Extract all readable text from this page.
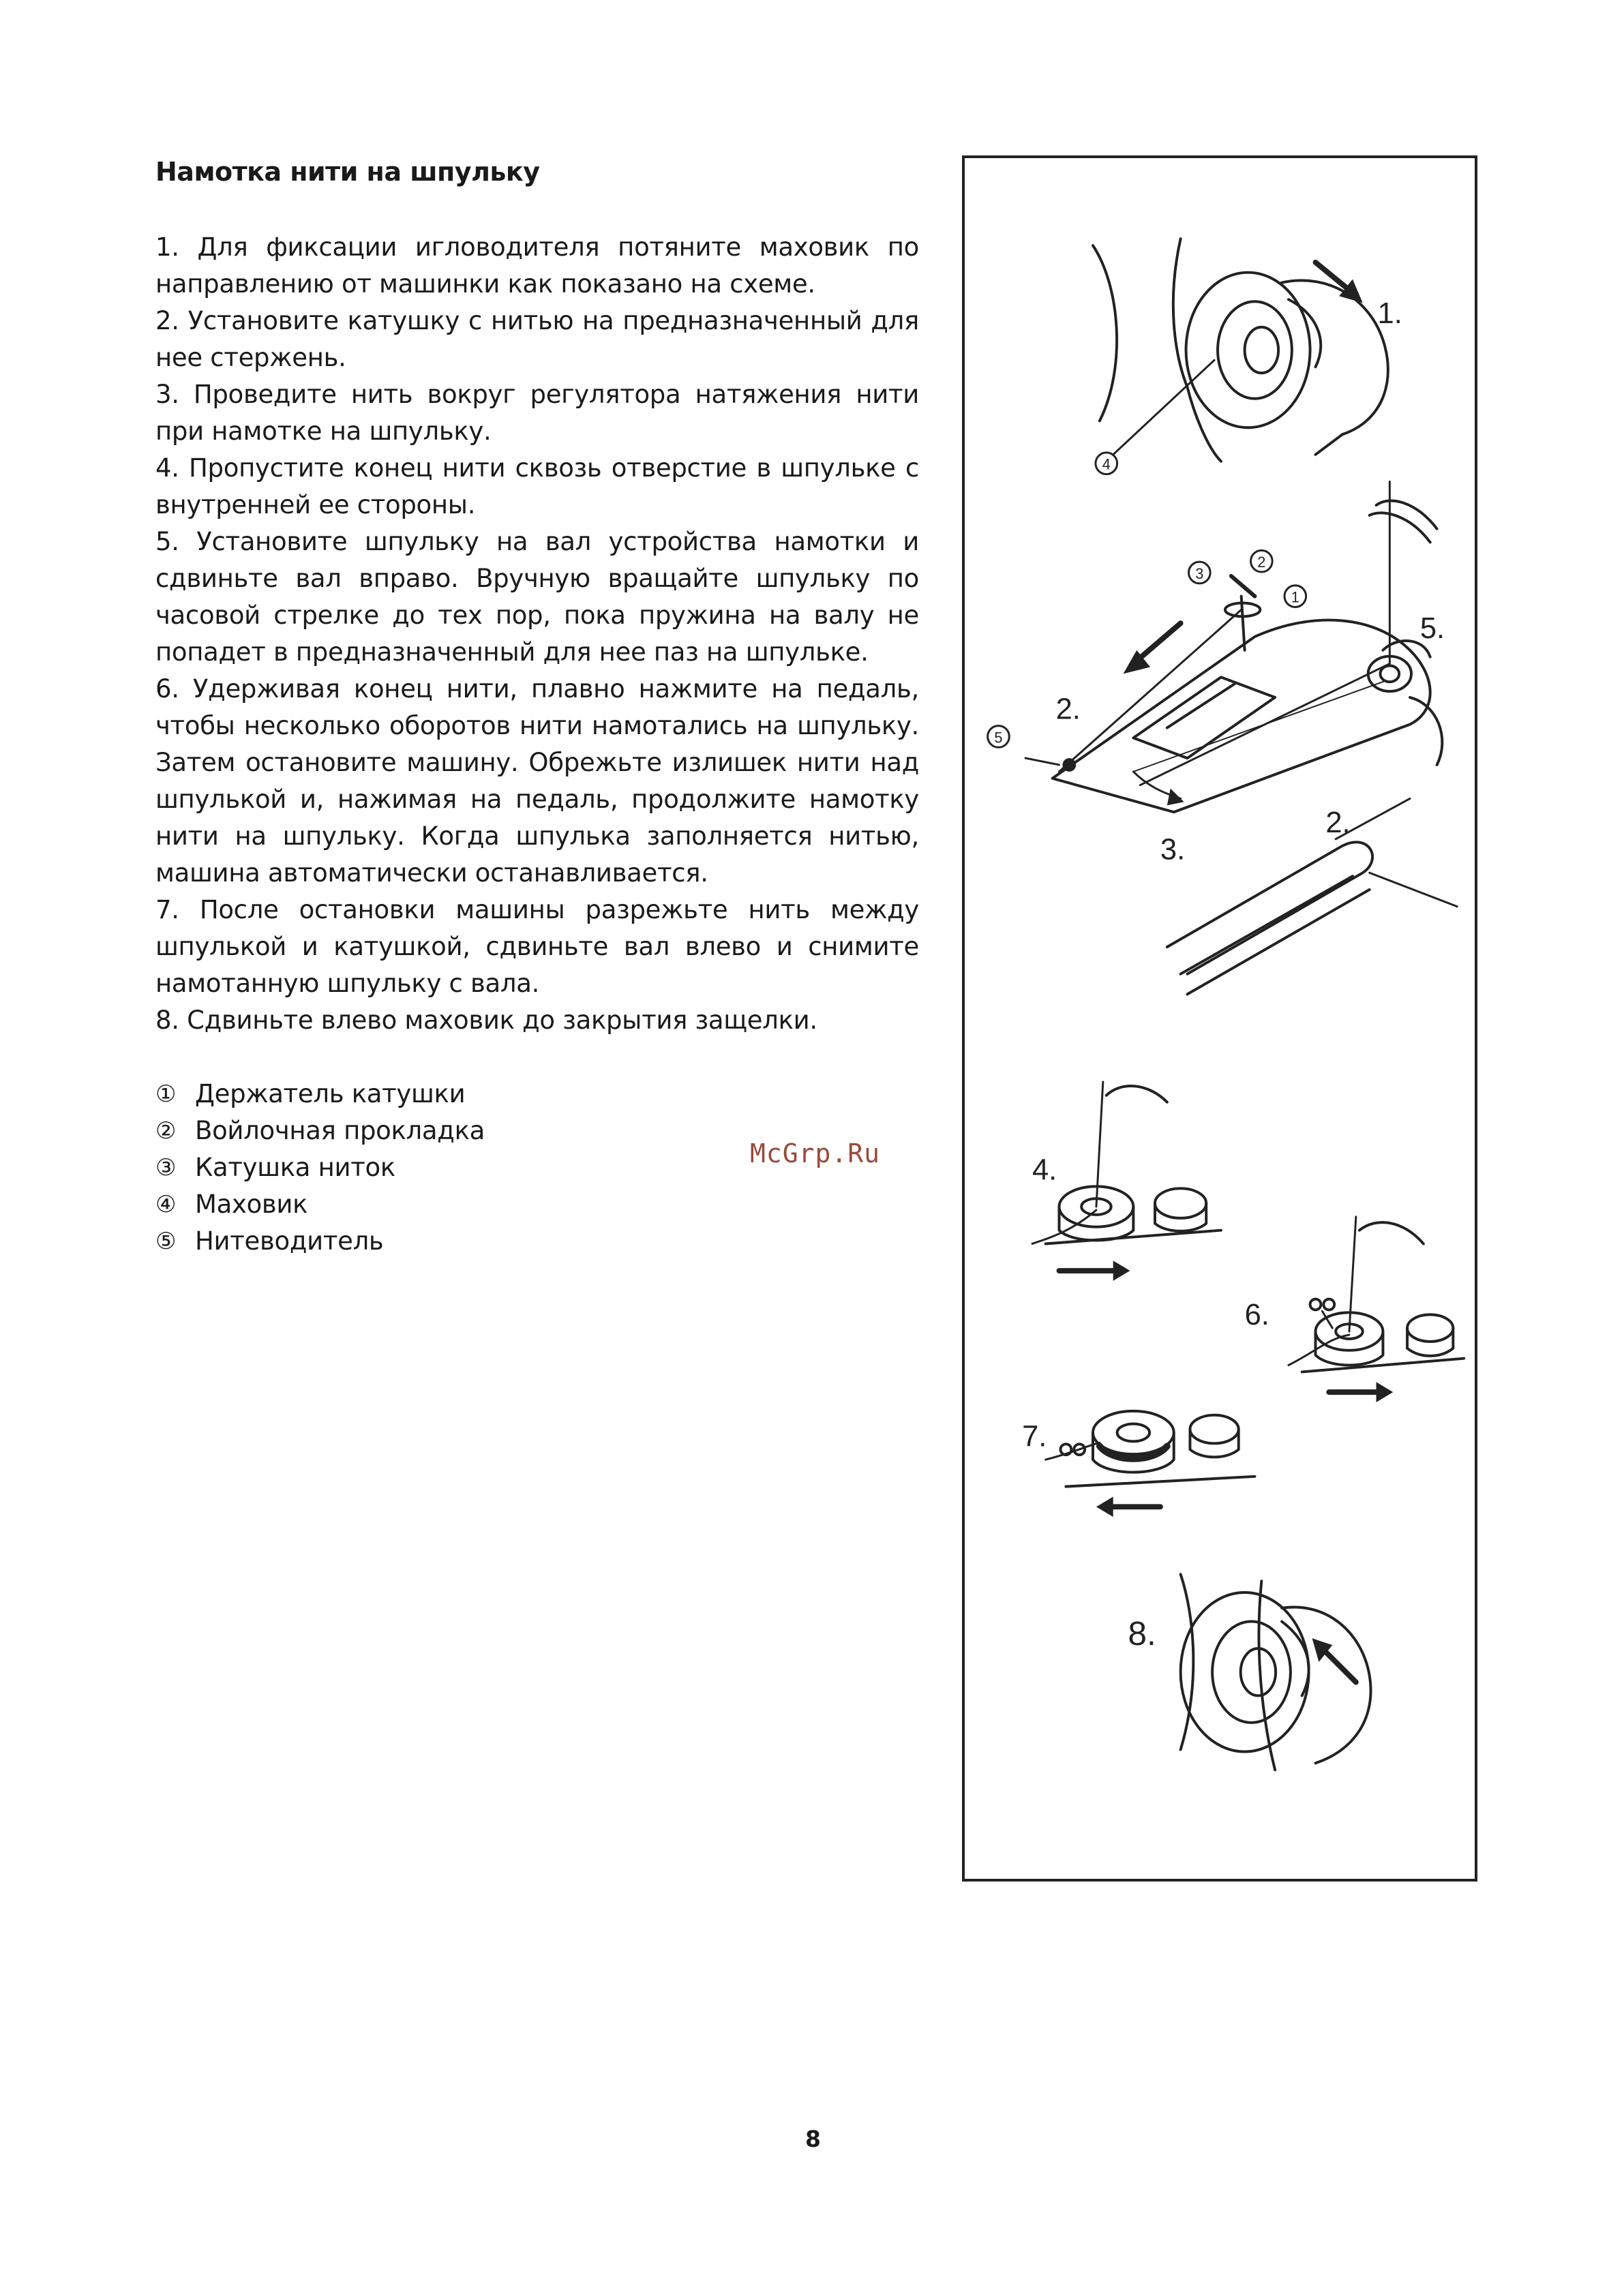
Намотка нити на шпульку
1. Для фиксации игловодителя потяните маховик по направлению от машинки как показано на схеме.
2. Установите катушку с нитью на предназначенный для нее стержень.
3. Проведите нить вокруг регулятора натяжения нити при намотке на шпульку.
4. Пропустите конец нити сквозь отверстие в шпульке с внутренней ее стороны.
5. Установите шпульку на вал устройства намотки и сдвиньте вал вправо. Вручную вращайте шпульку по часовой стрелке до тех пор, пока пружина на валу не попадет в предназначенный для нее паз на шпульке.
6. Удерживая конец нити, плавно нажмите на педаль, чтобы несколько оборотов нити намотались на шпульку. Затем остановите машину. Обрежьте излишек нити над шпулькой и, нажимая на педаль, продолжите намотку нити на шпульку. Когда шпулька заполняется нитью, машина автоматически останавливается.
7. После остановки машины разрежьте нить между шпулькой и катушкой, сдвиньте вал влево и снимите намотанную шпульку с вала.
8. Сдвиньте влево маховик до закрытия защелки.
① Держатель катушки
② Войлочная прокладка
③ Катушка ниток
④ Маховик
⑤ Нитеводитель
McGrp.Ru
4
1.
3
2
1
5
2.
5.
3.
2.
4.
6.
7.
8.
8
